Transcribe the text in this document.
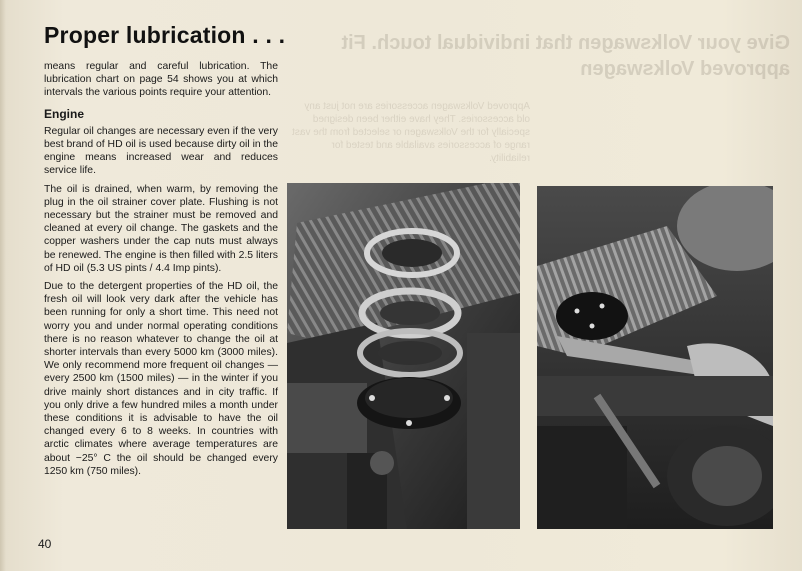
Give your Volkswagen that individual touch. Fit approved Volkswagen
Approved Volkswagen accessories are not just any old accessories. They have either been designed specially for the Volkswagen or selected from the vast range of accessories available and tested for reliability.
Proper lubrication . . .

means regular and careful lubrication. The lubrication chart on page 54 shows you at which intervals the various points require your attention.

Engine

Regular oil changes are necessary even if the very best brand of HD oil is used because dirty oil in the engine means increased wear and reduces service life.

The oil is drained, when warm, by removing the plug in the oil strainer cover plate. Flushing is not necessary but the strainer must be removed and cleaned at every oil change. The gaskets and the copper washers under the cap nuts must always be renewed. The engine is then filled with 2.5 liters of HD oil (5.3 US pints / 4.4 Imp pints).

Due to the detergent properties of the HD oil, the fresh oil will look very dark after the vehicle has been running for only a short time. This need not worry you and under normal operating conditions there is no reason whatever to change the oil at shorter intervals than every 5000 km (3000 miles). We only recommend more frequent oil changes — every 2500 km (1500 miles) — in the winter if you drive mainly short distances and in city traffic. If you only drive a few hundred miles a month under these conditions it is advisable to have the oil changed every 6 to 8 weeks. In countries with arctic climates where average temperatures are about −25° C the oil should be changed every 1250 km (750 miles).

40
